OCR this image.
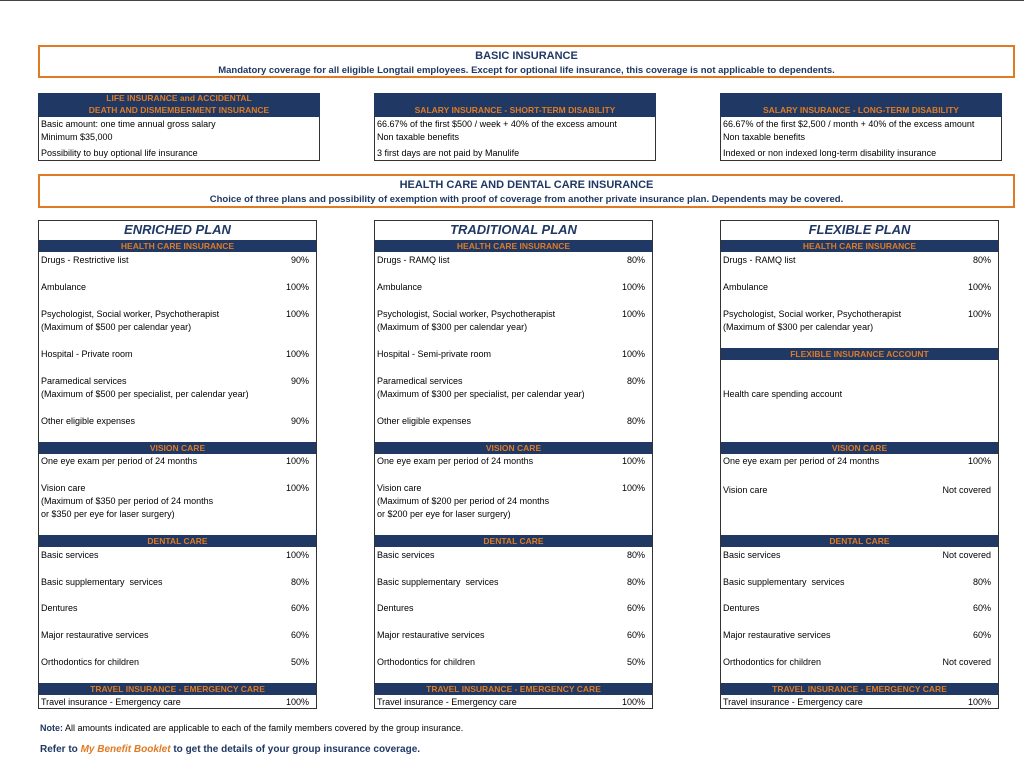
BASIC INSURANCE
Mandatory coverage for all eligible Longtail employees. Except for optional life insurance, this coverage is not applicable to dependents.
LIFE INSURANCE and ACCIDENTAL
DEATH AND DISMEMBERMENT INSURANCE
Basic amount: one time annual gross salary
Minimum $35,000
Possibility to buy optional life insurance
SALARY INSURANCE - SHORT-TERM DISABILITY
66.67% of the first $500 / week + 40% of the excess amount
Non taxable benefits
3 first days are not paid by Manulife
SALARY INSURANCE - LONG-TERM DISABILITY
66.67% of the first $2,500 / month + 40% of the excess amount
Non taxable benefits
Indexed or non indexed long-term disability insurance
HEALTH CARE AND DENTAL CARE INSURANCE
Choice of three plans and possibility of exemption with proof of coverage from another private insurance plan. Dependents may be covered.
ENRICHED PLAN
HEALTH CARE INSURANCE
VISION CARE
DENTAL CARE
TRAVEL INSURANCE - EMERGENCY CARE
Drugs - Restrictive list	90%
Ambulance	100%
Psychologist, Social worker, Psychotherapist
(Maximum of $500 per calendar year)
100%
Hospital - Private room	100%
Paramedical services
(Maximum of $500 per specialist, per calendar year)
90%
Other eligible expenses	90%
One eye exam per period of 24 months	100%
Vision care
(Maximum of $350 per period of 24 months
or $350 per eye for laser surgery)
100%
Basic services	100%
Basic supplementary  services	80%
Dentures	60%
Major restaurative services	60%
Orthodontics for children	50%
Travel insurance - Emergency care	100%
TRADITIONAL PLAN
HEALTH CARE INSURANCE
VISION CARE
DENTAL CARE
TRAVEL INSURANCE - EMERGENCY CARE
Drugs - RAMQ list	80%
Ambulance	100%
Psychologist, Social worker, Psychotherapist
(Maximum of $300 per calendar year)
100%
Hospital - Semi-private room	100%
Paramedical services
(Maximum of $300 per specialist, per calendar year)
80%
Other eligible expenses	80%
One eye exam per period of 24 months	100%
Vision care
(Maximum of $200 per period of 24 months
or $200 per eye for laser surgery)
100%
Basic services	80%
Basic supplementary  services	80%
Dentures	60%
Major restaurative services	60%
Orthodontics for children	50%
Travel insurance - Emergency care	100%
FLEXIBLE PLAN
HEALTH CARE INSURANCE
FLEXIBLE INSURANCE ACCOUNT
VISION CARE
DENTAL CARE
TRAVEL INSURANCE - EMERGENCY CARE
Drugs - RAMQ list	80%
Ambulance	100%
Psychologist, Social worker, Psychotherapist
(Maximum of $300 per calendar year)
100%
Health care spending account
One eye exam per period of 24 months	100%
Vision care	Not covered
Basic services	Not covered
Basic supplementary  services	80%
Dentures	60%
Major restaurative services	60%
Orthodontics for children	Not covered
Travel insurance - Emergency care	100%
Note: All amounts indicated are applicable to each of the family members covered by the group insurance.
Refer to My Benefit Booklet to get the details of your group insurance coverage.
